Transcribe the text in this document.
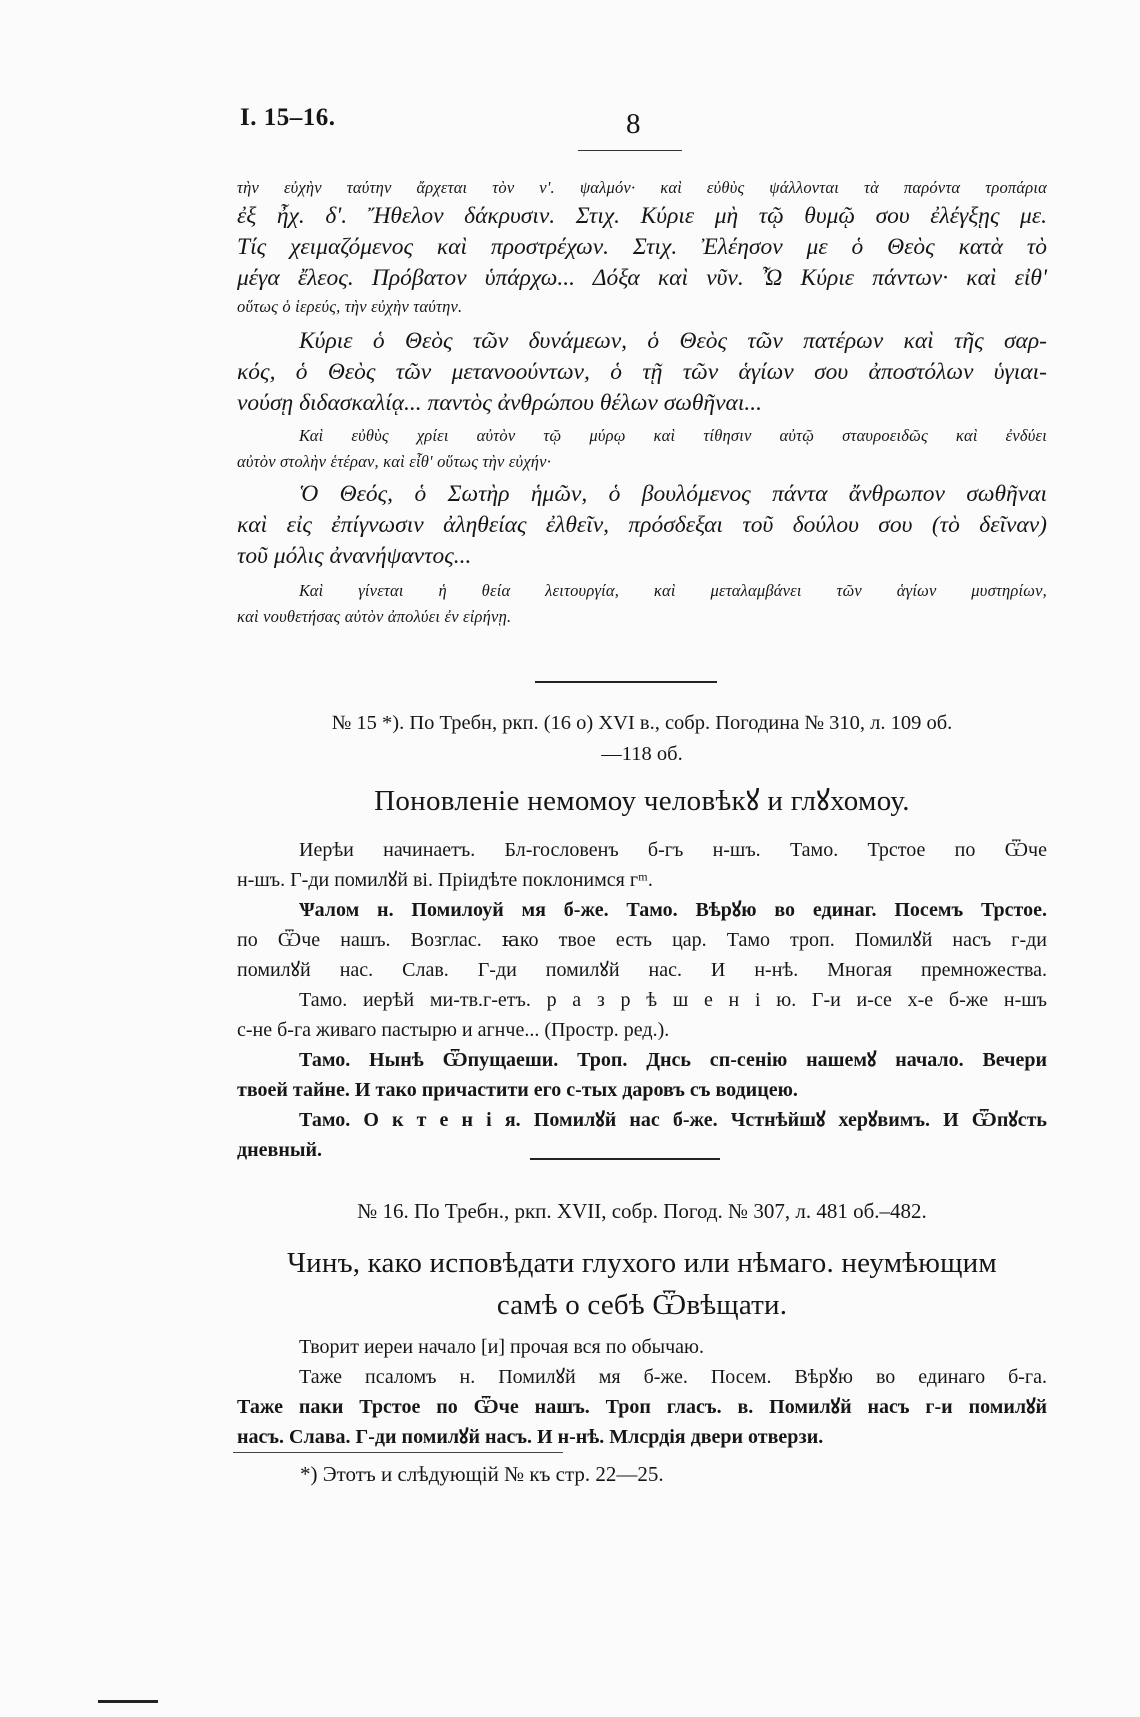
I. 15–16.	8
τὴν εὐχὴν ταύτην ἄρχεται τὸν ν'. ψαλμόν· καὶ εὐθὺς ψάλλονται τὰ παρόντα τροπάρια
ἐξ ἦχ. δ'. Ἤθελον δάκρυσιν. Στιχ. Κύριε μὴ τῷ θυμῷ σου ἐλέγξῃς με.
Τίς χειμαζόμενος καὶ προστρέχων. Στιχ. Ἐλέησον με ὁ Θεὸς κατὰ τὸ
μέγα ἔλεος. Πρόβατον ὑπάρχω... Δόξα καὶ νῦν. Ὦ Κύριε πάντων· καὶ εἰθ'
οὕτως ὁ ἱερεύς, τὴν εὐχὴν ταύτην.
Κύριε ὁ Θεὸς τῶν δυνάμεων, ὁ Θεὸς τῶν πατέρων καὶ τῆς σαρ-
κός, ὁ Θεὸς τῶν μετανοούντων, ὁ τῇ τῶν ἁγίων σου ἀποστόλων ὑγιαι-
νούσῃ διδασκαλίᾳ... παντὸς ἀνθρώπου θέλων σωθῆναι...
Καὶ εὐθὺς χρίει αὐτὸν τῷ μύρῳ καὶ τίθησιν αὐτῷ σταυροειδῶς καὶ ἐνδύει
αὐτὸν στολὴν ἑτέραν, καὶ εἶθ' οὕτως τὴν εὐχήν·
Ὁ Θεός, ὁ Σωτὴρ ἡμῶν, ὁ βουλόμενος πάντα ἄνθρωπον σωθῆναι
καὶ εἰς ἐπίγνωσιν ἀληθείας ἐλθεῖν, πρόσδεξαι τοῦ δούλου σου (τὸ δεῖναν)
τοῦ μόλις ἀνανήψαντος...
Καὶ γίνεται ἡ θεία λειτουργία, καὶ μεταλαμβάνει τῶν ἁγίων μυστηρίων,
καὶ νουθετήσας αὐτὸν ἀπολύει ἐν εἰρήνῃ.
№ 15 *). По Требн, ркп. (16 о) XVI в., собр. Погодина № 310, л. 109 об.
—118 об.
Поновленіе немомоу человѣкꙋ и глꙋхомоу.
Иерѣи начинаетъ. Бл-гословенъ б-гъ н-шъ. Тамо. Трстое по Ѿче
н-шъ. Г-ди помилꙋй ві. Пріидѣте поклонимся гᵐ.
Ѱалом н. Помилоуй мя б-же. Тамо. Вѣрꙋю во единаг. Посемъ Трстое.
по Ѿче нашъ. Возглас. ꙗко твое есть цар. Тамо троп. Помилꙋй насъ г-ди
помилꙋй нас. Слав. Г-ди помилꙋй нас. И н-нѣ. Многая премножества.
Тамо. иерѣй ми-тв.г-етъ. р а з р ѣ ш е н і ю. Г-и и-се х-е б-же н-шъ
с-не б-га живаго пастырю и агнче... (Простр. ред.).
Тамо. Нынѣ Ѿпущаеши. Троп. Днсь сп-сенію нашемꙋ начало. Вечери
твоей тайне. И тако причастити его с-тых даровъ съ водицею.
Тамо. О к т е н і я. Помилꙋй нас б-же. Чстнѣйшꙋ херꙋвимъ. И Ѿпꙋсть
дневный.
№ 16. По Требн., ркп. XVII, собр. Погод. № 307, л. 481 об.–482.
Чинъ, како исповѣдати глухого или нѣмаго. неумѣющим
самѣ о себѣ Ѿвѣщати.
Творит иереи начало [и] прочая вся по обычаю.
Таже псаломъ н. Помилꙋй мя б-же. Посем. Вѣрꙋю во единаго б-га.
Таже паки Трстое по Ѿче нашъ. Троп гласъ. в. Помилꙋй насъ г-и помилꙋй
насъ. Слава. Г-ди помилꙋй насъ. И н-нѣ. Млсрдія двери отверзи.
*) Этотъ и слѣдующій № къ стр. 22—25.
